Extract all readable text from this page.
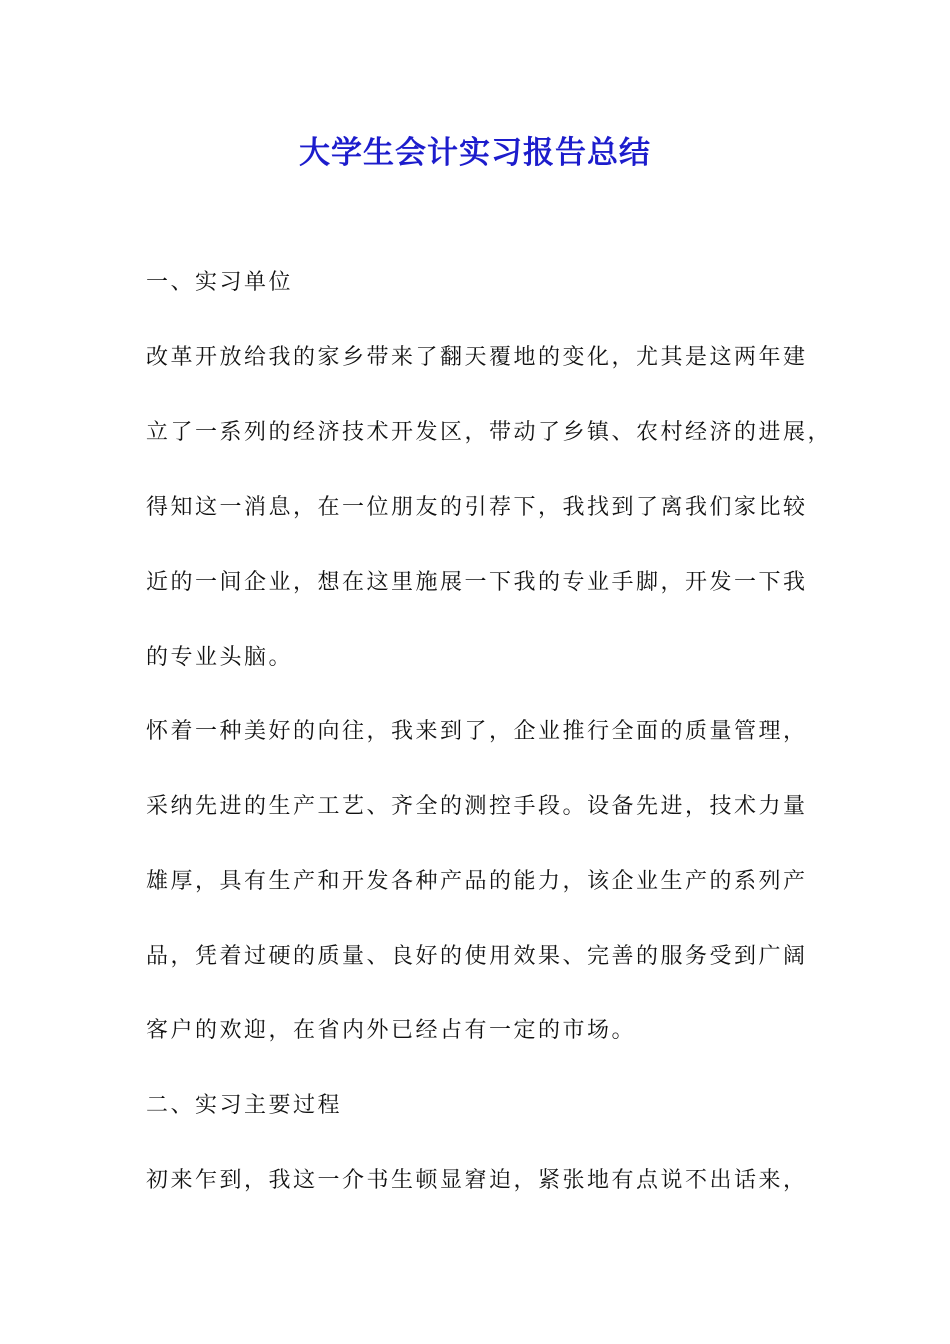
大学生会计实习报告总结

一、实习单位

改革开放给我的家乡带来了翻天覆地的变化，尤其是这两年建

立了一系列的经济技术开发区，带动了乡镇、农村经济的进展，

得知这一消息，在一位朋友的引荐下，我找到了离我们家比较

近的一间企业，想在这里施展一下我的专业手脚，开发一下我

的专业头脑。

怀着一种美好的向往，我来到了，企业推行全面的质量管理，

采纳先进的生产工艺、齐全的测控手段。设备先进，技术力量

雄厚，具有生产和开发各种产品的能力，该企业生产的系列产

品，凭着过硬的质量、良好的使用效果、完善的服务受到广阔

客户的欢迎，在省内外已经占有一定的市场。

二、实习主要过程

初来乍到，我这一介书生顿显窘迫，紧张地有点说不出话来，
